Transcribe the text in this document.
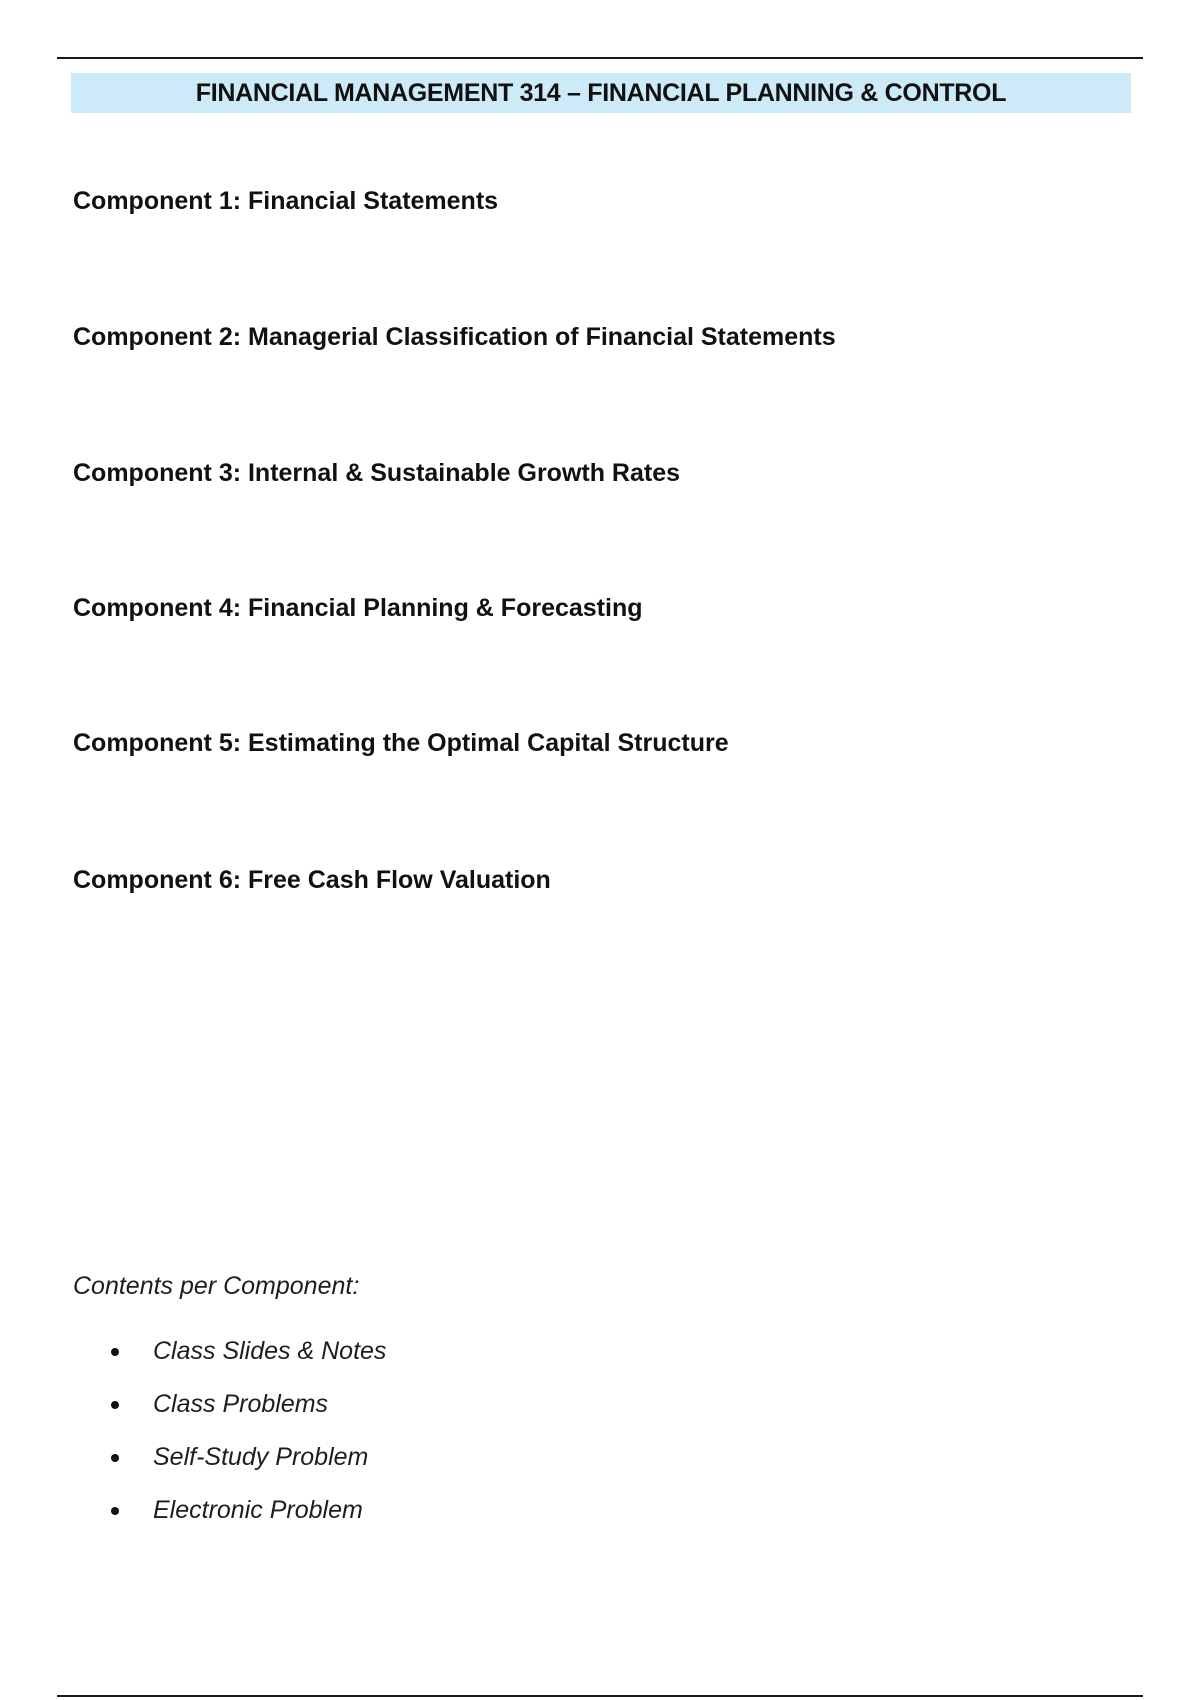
FINANCIAL MANAGEMENT 314 – FINANCIAL PLANNING & CONTROL
Component 1: Financial Statements
Component 2: Managerial Classification of Financial Statements
Component 3: Internal & Sustainable Growth Rates
Component 4: Financial Planning & Forecasting
Component 5: Estimating the Optimal Capital Structure
Component 6: Free Cash Flow Valuation
Contents per Component:
Class Slides & Notes
Class Problems
Self-Study Problem
Electronic Problem
